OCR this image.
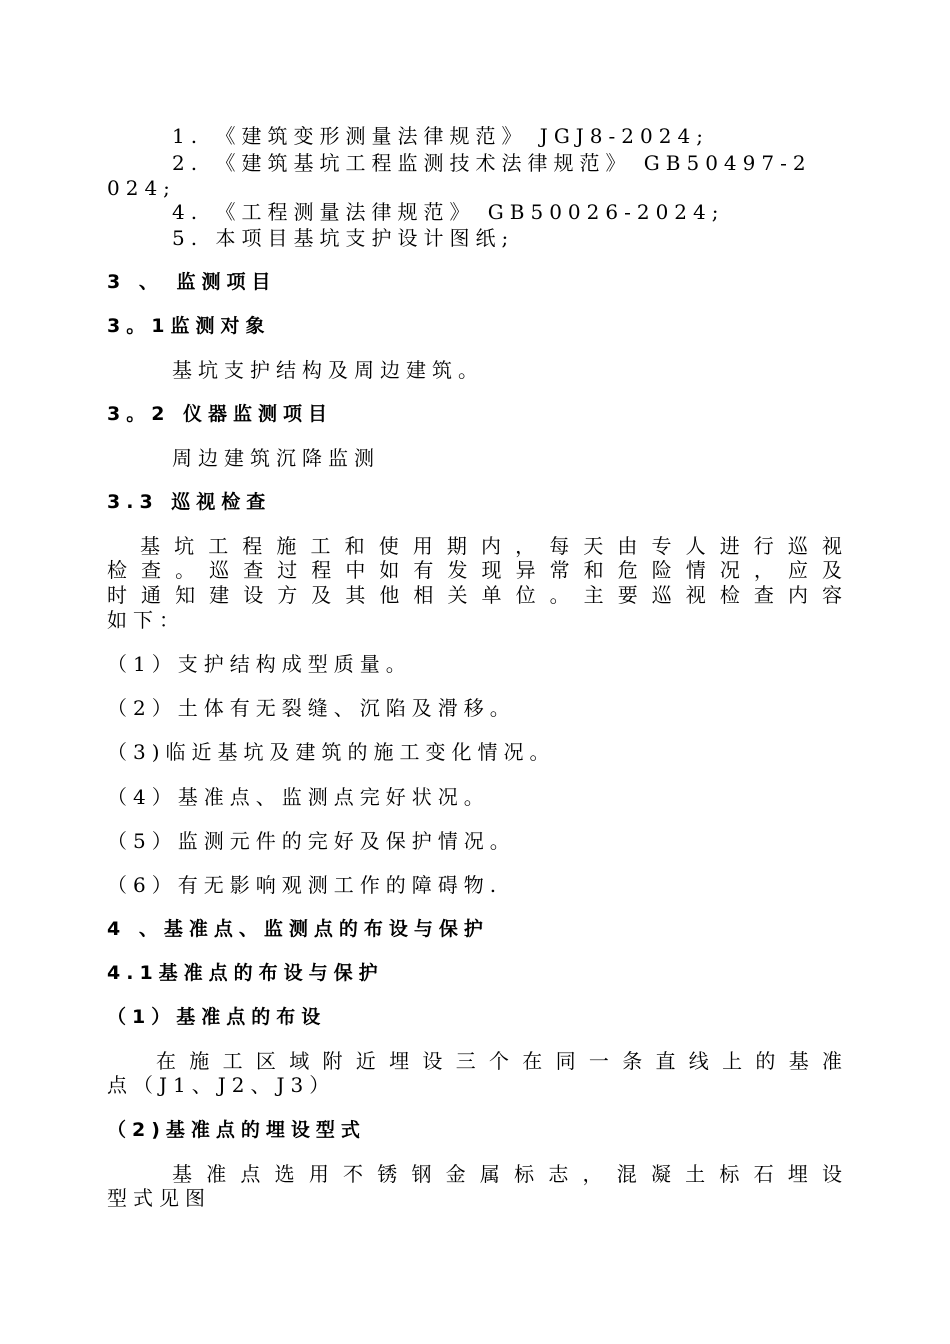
1. 《建筑变形测量法律规范》 JGJ8-2024;
2. 《建筑基坑工程监测技术法律规范》 GB50497-2
024;
4. 《工程测量法律规范》 GB50026-2024;
5. 本项目基坑支护设计图纸;
3 、 监测项目
3。1监测对象
基坑支护结构及周边建筑。
3。2 仪器监测项目
周边建筑沉降监测
3.3 巡视检查
基坑工程施工和使用期内，每天由专人进行巡视
检查。巡查过程中如有发现异常和危险情况，应及
时通知建设方及其他相关单位。主要巡视检查内容
如下：
（1）支护结构成型质量。
（2）土体有无裂缝、沉陷及滑移。
（3)临近基坑及建筑的施工变化情况。
（4）基准点、监测点完好状况。
（5）监测元件的完好及保护情况。
（6）有无影响观测工作的障碍物.
4 、基准点、监测点的布设与保护
4.1基准点的布设与保护
（1）基准点的布设
在施工区域附近埋设三个在同一条直线上的基准
点（J1、J2、J3）
（2)基准点的埋设型式
基准点选用不锈钢金属标志，混凝土标石埋设
型式见图
